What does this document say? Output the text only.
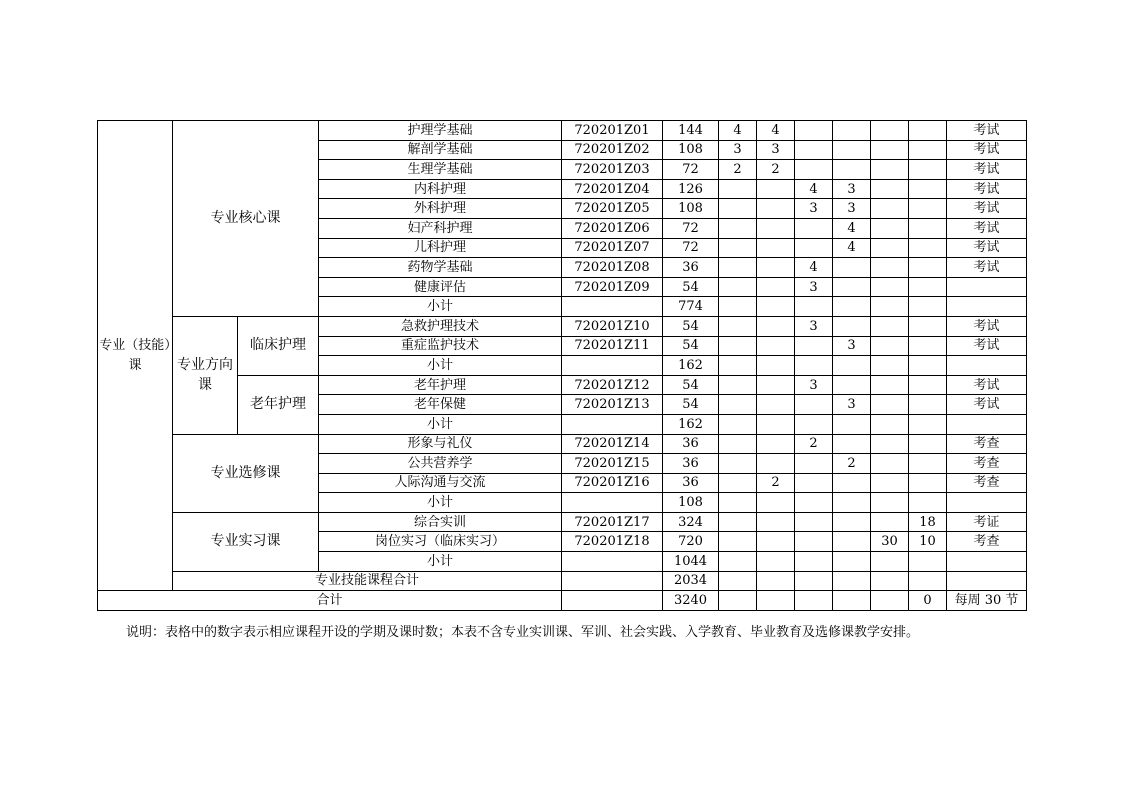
专业（技能）课	专业核心课		护理学基础	720201Z01	144	4	4					考试
			解剖学基础	720201Z02	108	3	3					考试
			生理学基础	720201Z03	72	2	2					考试
			内科护理	720201Z04	126			4	3			考试
			外科护理	720201Z05	108			3	3			考试
			妇产科护理	720201Z06	72				4			考试
			儿科护理	720201Z07	72				4			考试
			药物学基础	720201Z08	36			4				考试
			健康评估	720201Z09	54			3				
			小计		774							
	专业方向课	临床护理	急救护理技术	720201Z10	54			3				考试
			重症监护技术	720201Z11	54				3			考试
			小计		162							
		老年护理	老年护理	720201Z12	54			3				考试
			老年保健	720201Z13	54				3			考试
			小计		162							
	专业选修课		形象与礼仪	720201Z14	36			2				考查
			公共营养学	720201Z15	36				2			考查
			人际沟通与交流	720201Z16	36		2					考查
			小计		108							
	专业实习课		综合实训	720201Z17	324						18	考证
			岗位实习（临床实习）	720201Z18	720					30	10	考查
			小计		1044							
	专业技能课程合计				2034							
合计					3240						0	每周 30 节
说明：表格中的数字表示相应课程开设的学期及课时数；本表不含专业实训课、军训、社会实践、入学教育、毕业教育及选修课教学安排。
